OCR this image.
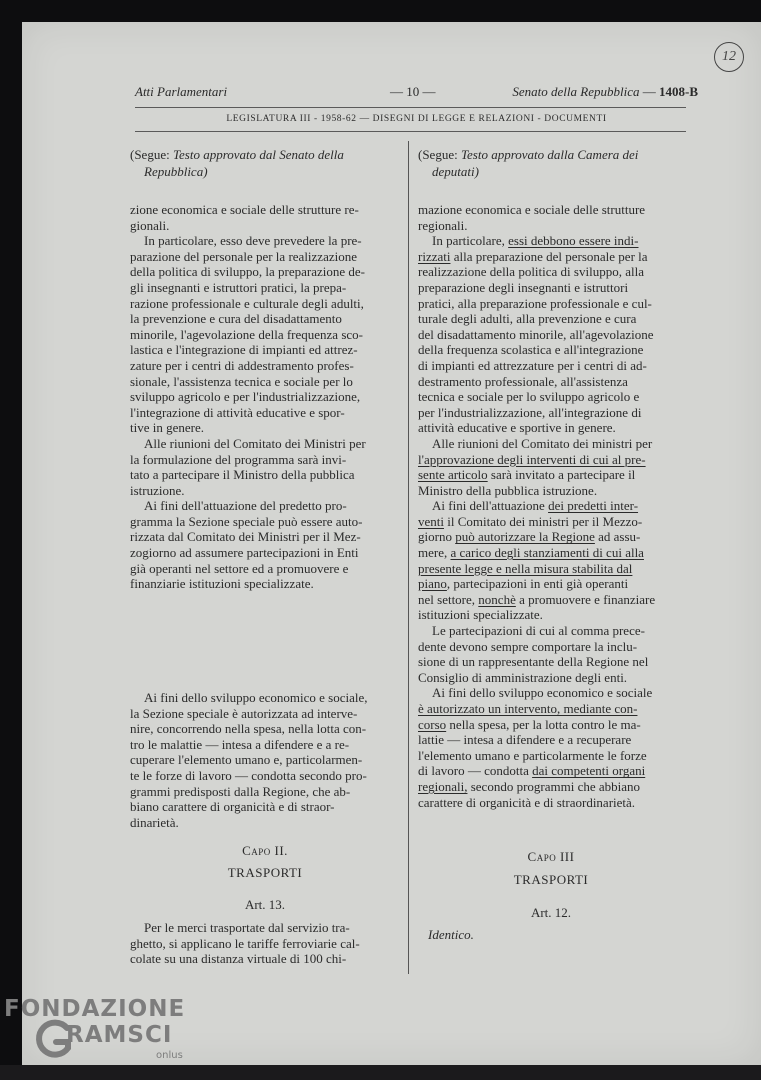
12
Atti Parlamentari	— 10 —	Senato della Repubblica — 1408-B
LEGISLATURA III - 1958-62 — DISEGNI DI LEGGE E RELAZIONI - DOCUMENTI
(Segue: Testo approvato dal Senato della
Repubblica)

zione economica e sociale delle strutture re-
gionali.

In particolare, esso deve prevedere la pre-
parazione del personale per la realizzazione
della politica di sviluppo, la preparazione de-
gli insegnanti e istruttori pratici, la prepa-
razione professionale e culturale degli adulti,
la prevenzione e cura del disadattamento
minorile, l'agevolazione della frequenza sco-
lastica e l'integrazione di impianti ed attrez-
zature per i centri di addestramento profes-
sionale, l'assistenza tecnica e sociale per lo
sviluppo agricolo e per l'industrializzazione,
l'integrazione di attività educative e spor-
tive in genere.

Alle riunioni del Comitato dei Ministri per
la formulazione del programma sarà invi-
tato a partecipare il Ministro della pubblica
istruzione.

Ai fini dell'attuazione del predetto pro-
gramma la Sezione speciale può essere auto-
rizzata dal Comitato dei Ministri per il Mez-
zogiorno ad assumere partecipazioni in Enti
già operanti nel settore ed a promuovere e
finanziarie istituzioni specializzate.

Ai fini dello sviluppo economico e sociale,
la Sezione speciale è autorizzata ad interve-
nire, concorrendo nella spesa, nella lotta con-
tro le malattie — intesa a difendere e a re-
cuperare l'elemento umano e, particolarmen-
te le forze di lavoro — condotta secondo pro-
grammi predisposti dalla Regione, che ab-
biano carattere di organicità e di straor-
dinarietà.

Capo II.
TRASPORTI
Art. 13.

Per le merci trasportate dal servizio tra-
ghetto, si applicano le tariffe ferroviarie cal-
colate su una distanza virtuale di 100 chi-

(Segue: Testo approvato dalla Camera dei
deputati)

mazione economica e sociale delle strutture
regionali.

In particolare, essi debbono essere indi-
rizzati alla preparazione del personale per la
realizzazione della politica di sviluppo, alla
preparazione degli insegnanti e istruttori
pratici, alla preparazione professionale e cul-
turale degli adulti, alla prevenzione e cura
del disadattamento minorile, all'agevolazione
della frequenza scolastica e all'integrazione
di impianti ed attrezzature per i centri di ad-
destramento professionale, all'assistenza
tecnica e sociale per lo sviluppo agricolo e
per l'industrializzazione, all'integrazione di
attività educative e sportive in genere.

Alle riunioni del Comitato dei ministri per
l'approvazione degli interventi di cui al pre-
sente articolo sarà invitato a partecipare il
Ministro della pubblica istruzione.

Ai fini dell'attuazione dei predetti inter-
venti il Comitato dei ministri per il Mezzo-
giorno può autorizzare la Regione ad assu-
mere, a carico degli stanziamenti di cui alla
presente legge e nella misura stabilita dal
piano, partecipazioni in enti già operanti
nel settore, nonchè a promuovere e finanziare
istituzioni specializzate.

Le partecipazioni di cui al comma prece-
dente devono sempre comportare la inclu-
sione di un rappresentante della Regione nel
Consiglio di amministrazione degli enti.

Ai fini dello sviluppo economico e sociale
è autorizzato un intervento, mediante con-
corso nella spesa, per la lotta contro le ma-
lattie — intesa a difendere e a recuperare
l'elemento umano e particolarmente le forze
di lavoro — condotta dai competenti organi
regionali, secondo programmi che abbiano
carattere di organicità e di straordinarietà.

Capo III
TRASPORTI
Art. 12.
Identico.
FONDAZIONE
RAMSCI
onlus
